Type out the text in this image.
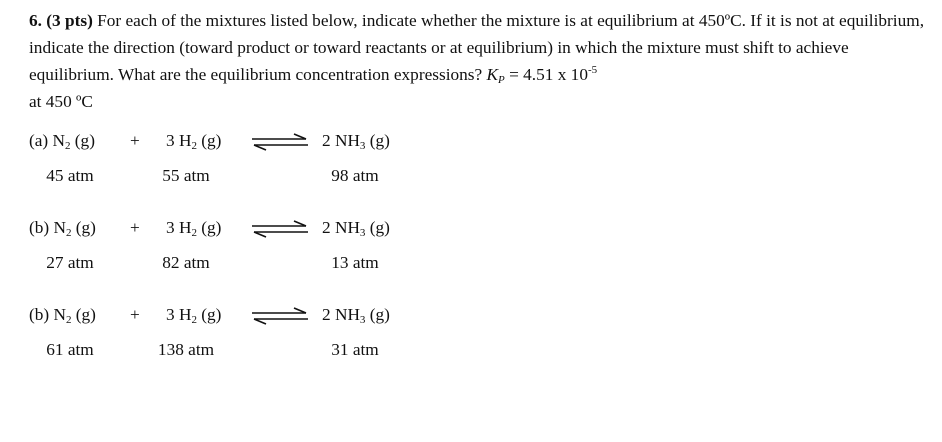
6. (3 pts) For each of the mixtures listed below, indicate whether the mixture is at equilibrium at 450ºC. If it is not at equilibrium, indicate the direction (toward product or toward reactants or at equilibrium) in which the mixture must shift to achieve equilibrium. What are the equilibrium concentration expressions? $K_P = 4.51$ x $10^{-5}$
at 450 ºC
(a) $N_2$ (g) + 3 $H_2$ (g) ⇌ 2 $NH_3$ (g)
45 atm	55 atm	98 atm
(b) $N_2$ (g) + 3 $H_2$ (g) ⇌ 2 $NH_3$ (g)
27 atm	82 atm	13 atm
(b) $N_2$ (g) + 3 $H_2$ (g) ⇌ 2 $NH_3$ (g)
61 atm	138 atm	31 atm
